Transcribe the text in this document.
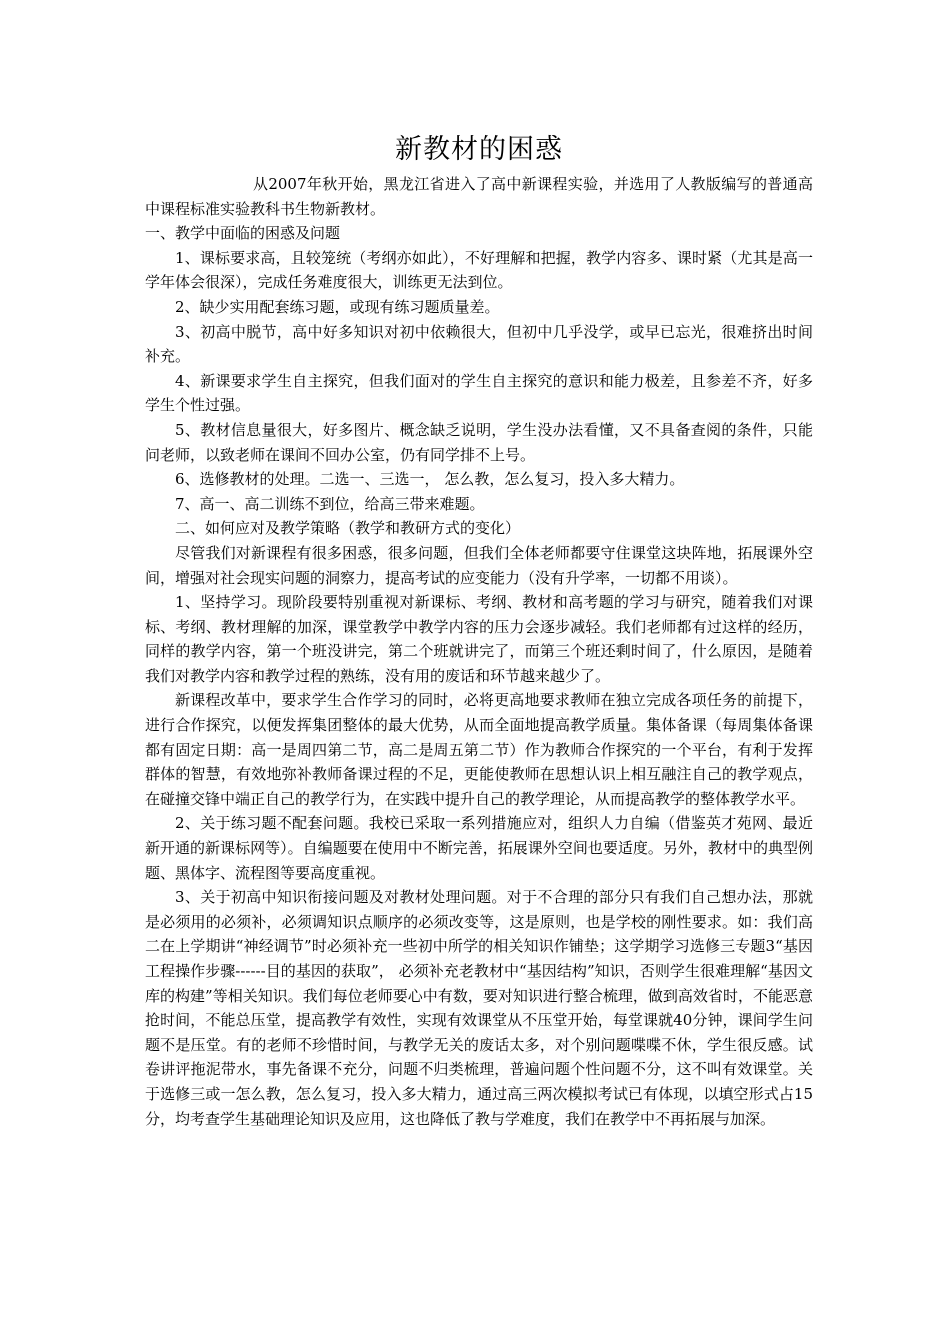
新教材的困惑

从2007年秋开始，黑龙江省进入了高中新课程实验，并选用了人教版编写的普通高中课程标准实验教科书生物新教材。

一、教学中面临的困惑及问题

1、课标要求高，且较笼统（考纲亦如此），不好理解和把握，教学内容多、课时紧（尤其是高一学年体会很深），完成任务难度很大，训练更无法到位。

2、缺少实用配套练习题，或现有练习题质量差。

3、初高中脱节，高中好多知识对初中依赖很大，但初中几乎没学，或早已忘光，很难挤出时间补充。

4、新课要求学生自主探究，但我们面对的学生自主探究的意识和能力极差，且参差不齐，好多学生个性过强。

5、教材信息量很大，好多图片、概念缺乏说明，学生没办法看懂，又不具备查阅的条件，只能问老师，以致老师在课间不回办公室，仍有同学排不上号。

6、选修教材的处理。二选一、三选一， 怎么教，怎么复习，投入多大精力。

7、高一、高二训练不到位，给高三带来难题。

二、如何应对及教学策略（教学和教研方式的变化）

尽管我们对新课程有很多困惑，很多问题，但我们全体老师都要守住课堂这块阵地，拓展课外空间，增强对社会现实问题的洞察力，提高考试的应变能力（没有升学率，一切都不用谈）。

1、坚持学习。现阶段要特别重视对新课标、考纲、教材和高考题的学习与研究，随着我们对课标、考纲、教材理解的加深，课堂教学中教学内容的压力会逐步减轻。我们老师都有过这样的经历，同样的教学内容，第一个班没讲完，第二个班就讲完了，而第三个班还剩时间了，什么原因，是随着我们对教学内容和教学过程的熟练，没有用的废话和环节越来越少了。

新课程改革中，要求学生合作学习的同时，必将更高地要求教师在独立完成各项任务的前提下，进行合作探究，以便发挥集团整体的最大优势，从而全面地提高教学质量。集体备课（每周集体备课都有固定日期：高一是周四第二节，高二是周五第二节）作为教师合作探究的一个平台，有利于发挥群体的智慧，有效地弥补教师备课过程的不足，更能使教师在思想认识上相互融注自己的教学观点，在碰撞交锋中端正自己的教学行为，在实践中提升自己的教学理论，从而提高教学的整体教学水平。

2、关于练习题不配套问题。我校已采取一系列措施应对，组织人力自编（借鉴英才苑网、最近新开通的新课标网等）。自编题要在使用中不断完善，拓展课外空间也要适度。另外，教材中的典型例题、黑体字、流程图等要高度重视。

3、关于初高中知识衔接问题及对教材处理问题。对于不合理的部分只有我们自己想办法，那就是必须用的必须补，必须调知识点顺序的必须改变等，这是原则，也是学校的刚性要求。如：我们高二在上学期讲“神经调节”时必须补充一些初中所学的相关知识作铺垫；这学期学习选修三专题3“基因工程操作步骤------目的基因的获取”， 必须补充老教材中“基因结构”知识，否则学生很难理解“基因文库的构建”等相关知识。我们每位老师要心中有数，要对知识进行整合梳理，做到高效省时，不能恶意抢时间，不能总压堂，提高教学有效性，实现有效课堂从不压堂开始，每堂课就40分钟，课间学生问题不是压堂。有的老师不珍惜时间，与教学无关的废话太多，对个别问题喋喋不休，学生很反感。试卷讲评拖泥带水，事先备课不充分，问题不归类梳理，普遍问题个性问题不分，这不叫有效课堂。关于选修三或一怎么教，怎么复习，投入多大精力，通过高三两次模拟考试已有体现，以填空形式占15分，均考查学生基础理论知识及应用，这也降低了教与学难度，我们在教学中不再拓展与加深。
